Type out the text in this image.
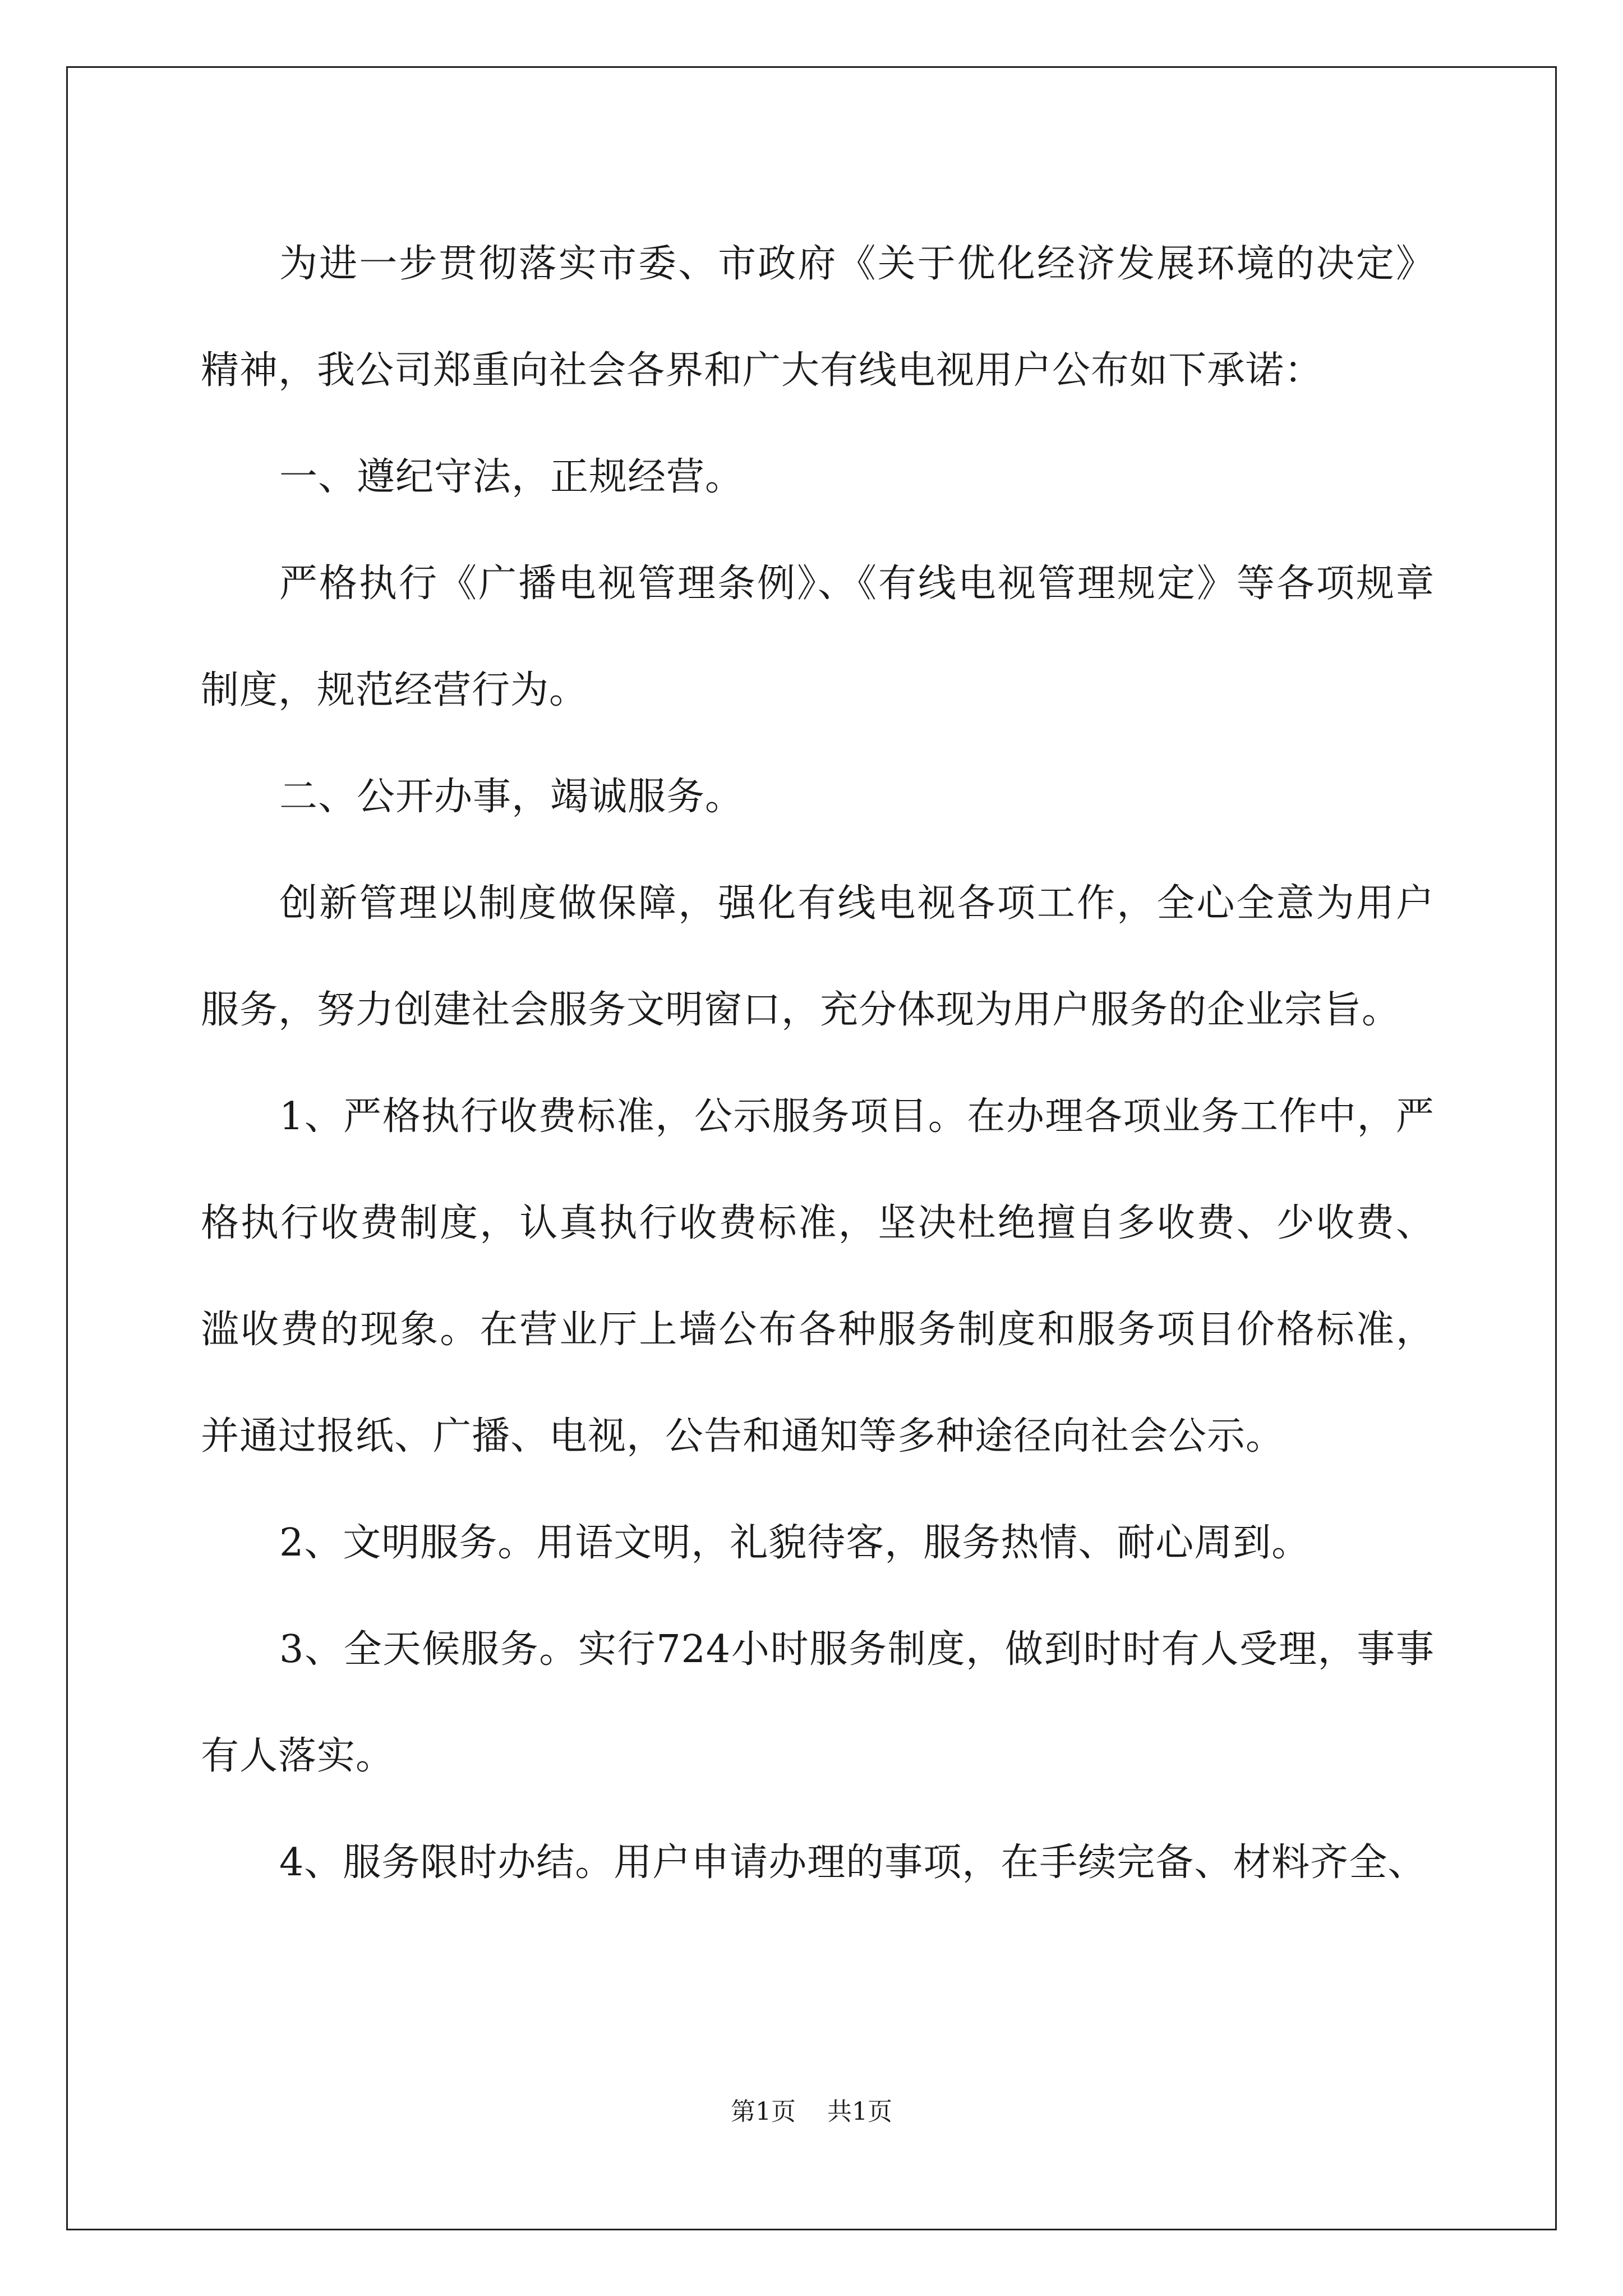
为进一步贯彻落实市委、市政府《关于优化经济发展环境的决定》精神，我公司郑重向社会各界和广大有线电视用户公布如下承诺：

一、遵纪守法，正规经营。

严格执行《广播电视管理条例》、《有线电视管理规定》等各项规章制度，规范经营行为。

二、公开办事，竭诚服务。

创新管理以制度做保障，强化有线电视各项工作，全心全意为用户服务，努力创建社会服务文明窗口，充分体现为用户服务的企业宗旨。

1、严格执行收费标准，公示服务项目。在办理各项业务工作中，严格执行收费制度，认真执行收费标准，坚决杜绝擅自多收费、少收费、滥收费的现象。在营业厅上墙公布各种服务制度和服务项目价格标准，并通过报纸、广播、电视，公告和通知等多种途径向社会公示。

2、文明服务。用语文明，礼貌待客，服务热情、耐心周到。

3、全天候服务。实行724小时服务制度，做到时时有人受理，事事有人落实。

4、服务限时办结。用户申请办理的事项，在手续完备、材料齐全、

第1页 共1页
